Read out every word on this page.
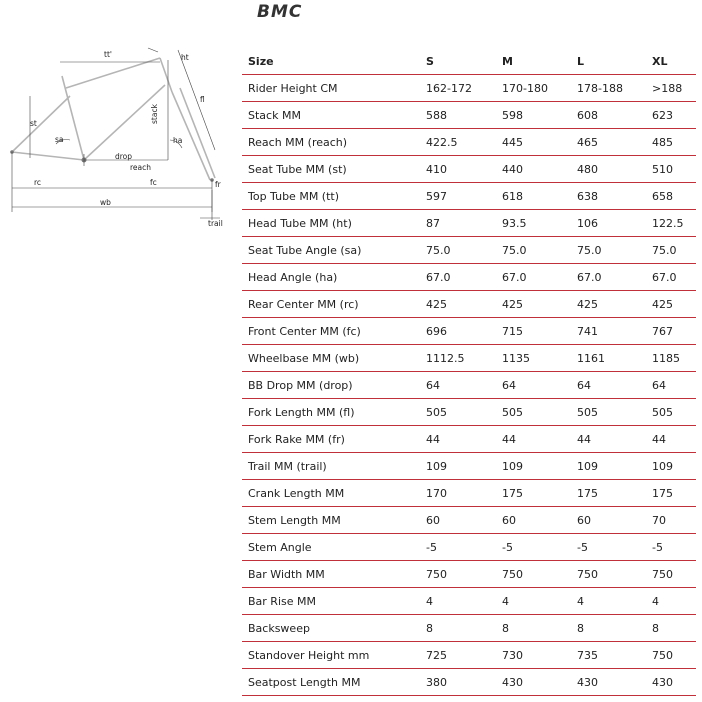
BMC
tt'	ht
fl
stack
st
sa	ha
drop
reach
rc	fc	fr
wb
trail
Size	S	M	L	XL
Rider Height CM	162-172	170-180	178-188	>188
Stack MM	588	598	608	623
Reach MM (reach)	422.5	445	465	485
Seat Tube MM (st)	410	440	480	510
Top Tube MM (tt)	597	618	638	658
Head Tube MM (ht)	87	93.5	106	122.5
Seat Tube Angle (sa)	75.0	75.0	75.0	75.0
Head Angle (ha)	67.0	67.0	67.0	67.0
Rear Center MM (rc)	425	425	425	425
Front Center MM (fc)	696	715	741	767
Wheelbase MM (wb)	1112.5	1135	1161	1185
BB Drop MM (drop)	64	64	64	64
Fork Length MM (fl)	505	505	505	505
Fork Rake MM (fr)	44	44	44	44
Trail MM (trail)	109	109	109	109
Crank Length MM	170	175	175	175
Stem Length MM	60	60	60	70
Stem Angle	-5	-5	-5	-5
Bar Width MM	750	750	750	750
Bar Rise MM	4	4	4	4
Backsweep	8	8	8	8
Standover Height mm	725	730	735	750
Seatpost Length MM	380	430	430	430
